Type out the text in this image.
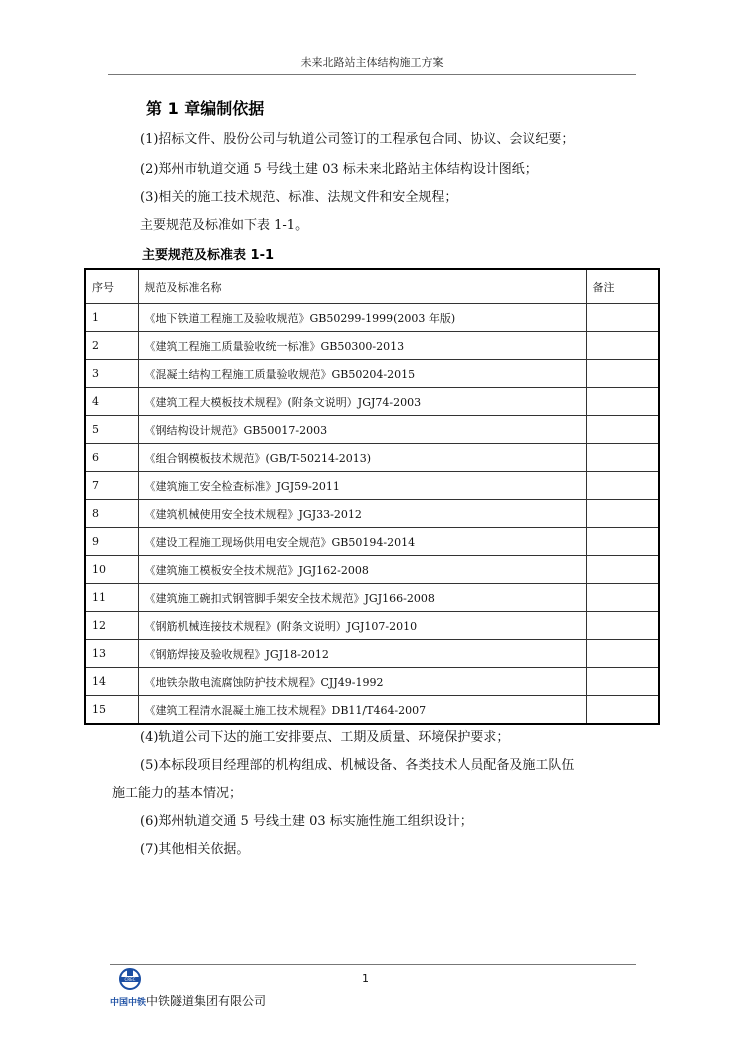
未来北路站主体结构施工方案
第 1 章编制依据
(1)招标文件、股份公司与轨道公司签订的工程承包合同、协议、会议纪要；
(2)郑州市轨道交通 5 号线土建 03 标未来北路站主体结构设计图纸；
(3)相关的施工技术规范、标准、法规文件和安全规程；
主要规范及标准如下表 1-1。
主要规范及标准表 1-1
序号	规范及标准名称	备注
1	《地下铁道工程施工及验收规范》GB50299-1999(2003 年版)	
2	《建筑工程施工质量验收统一标准》GB50300-2013	
3	《混凝土结构工程施工质量验收规范》GB50204-2015	
4	《建筑工程大模板技术规程》(附条文说明）JGJ74-2003	
5	《钢结构设计规范》GB50017-2003	
6	《组合钢模板技术规范》(GB/T-50214-2013)	
7	《建筑施工安全检查标准》JGJ59-2011	
8	《建筑机械使用安全技术规程》JGJ33-2012	
9	《建设工程施工现场供用电安全规范》GB50194-2014	
10	《建筑施工模板安全技术规范》JGJ162-2008	
11	《建筑施工碗扣式钢管脚手架安全技术规范》JGJ166-2008	
12	《钢筋机械连接技术规程》(附条文说明）JGJ107-2010	
13	《钢筋焊接及验收规程》JGJ18-2012	
14	《地铁杂散电流腐蚀防护技术规程》CJJ49-1992	
15	《建筑工程清水混凝土施工技术规程》DB11/T464-2007	
(4)轨道公司下达的施工安排要点、工期及质量、环境保护要求；
(5)本标段项目经理部的机构组成、机械设备、各类技术人员配备及施工队伍
施工能力的基本情况；
(6)郑州轨道交通 5 号线土建 03 标实施性施工组织设计；
(7)其他相关依据。
1
CREC
中国中铁中铁隧道集团有限公司
